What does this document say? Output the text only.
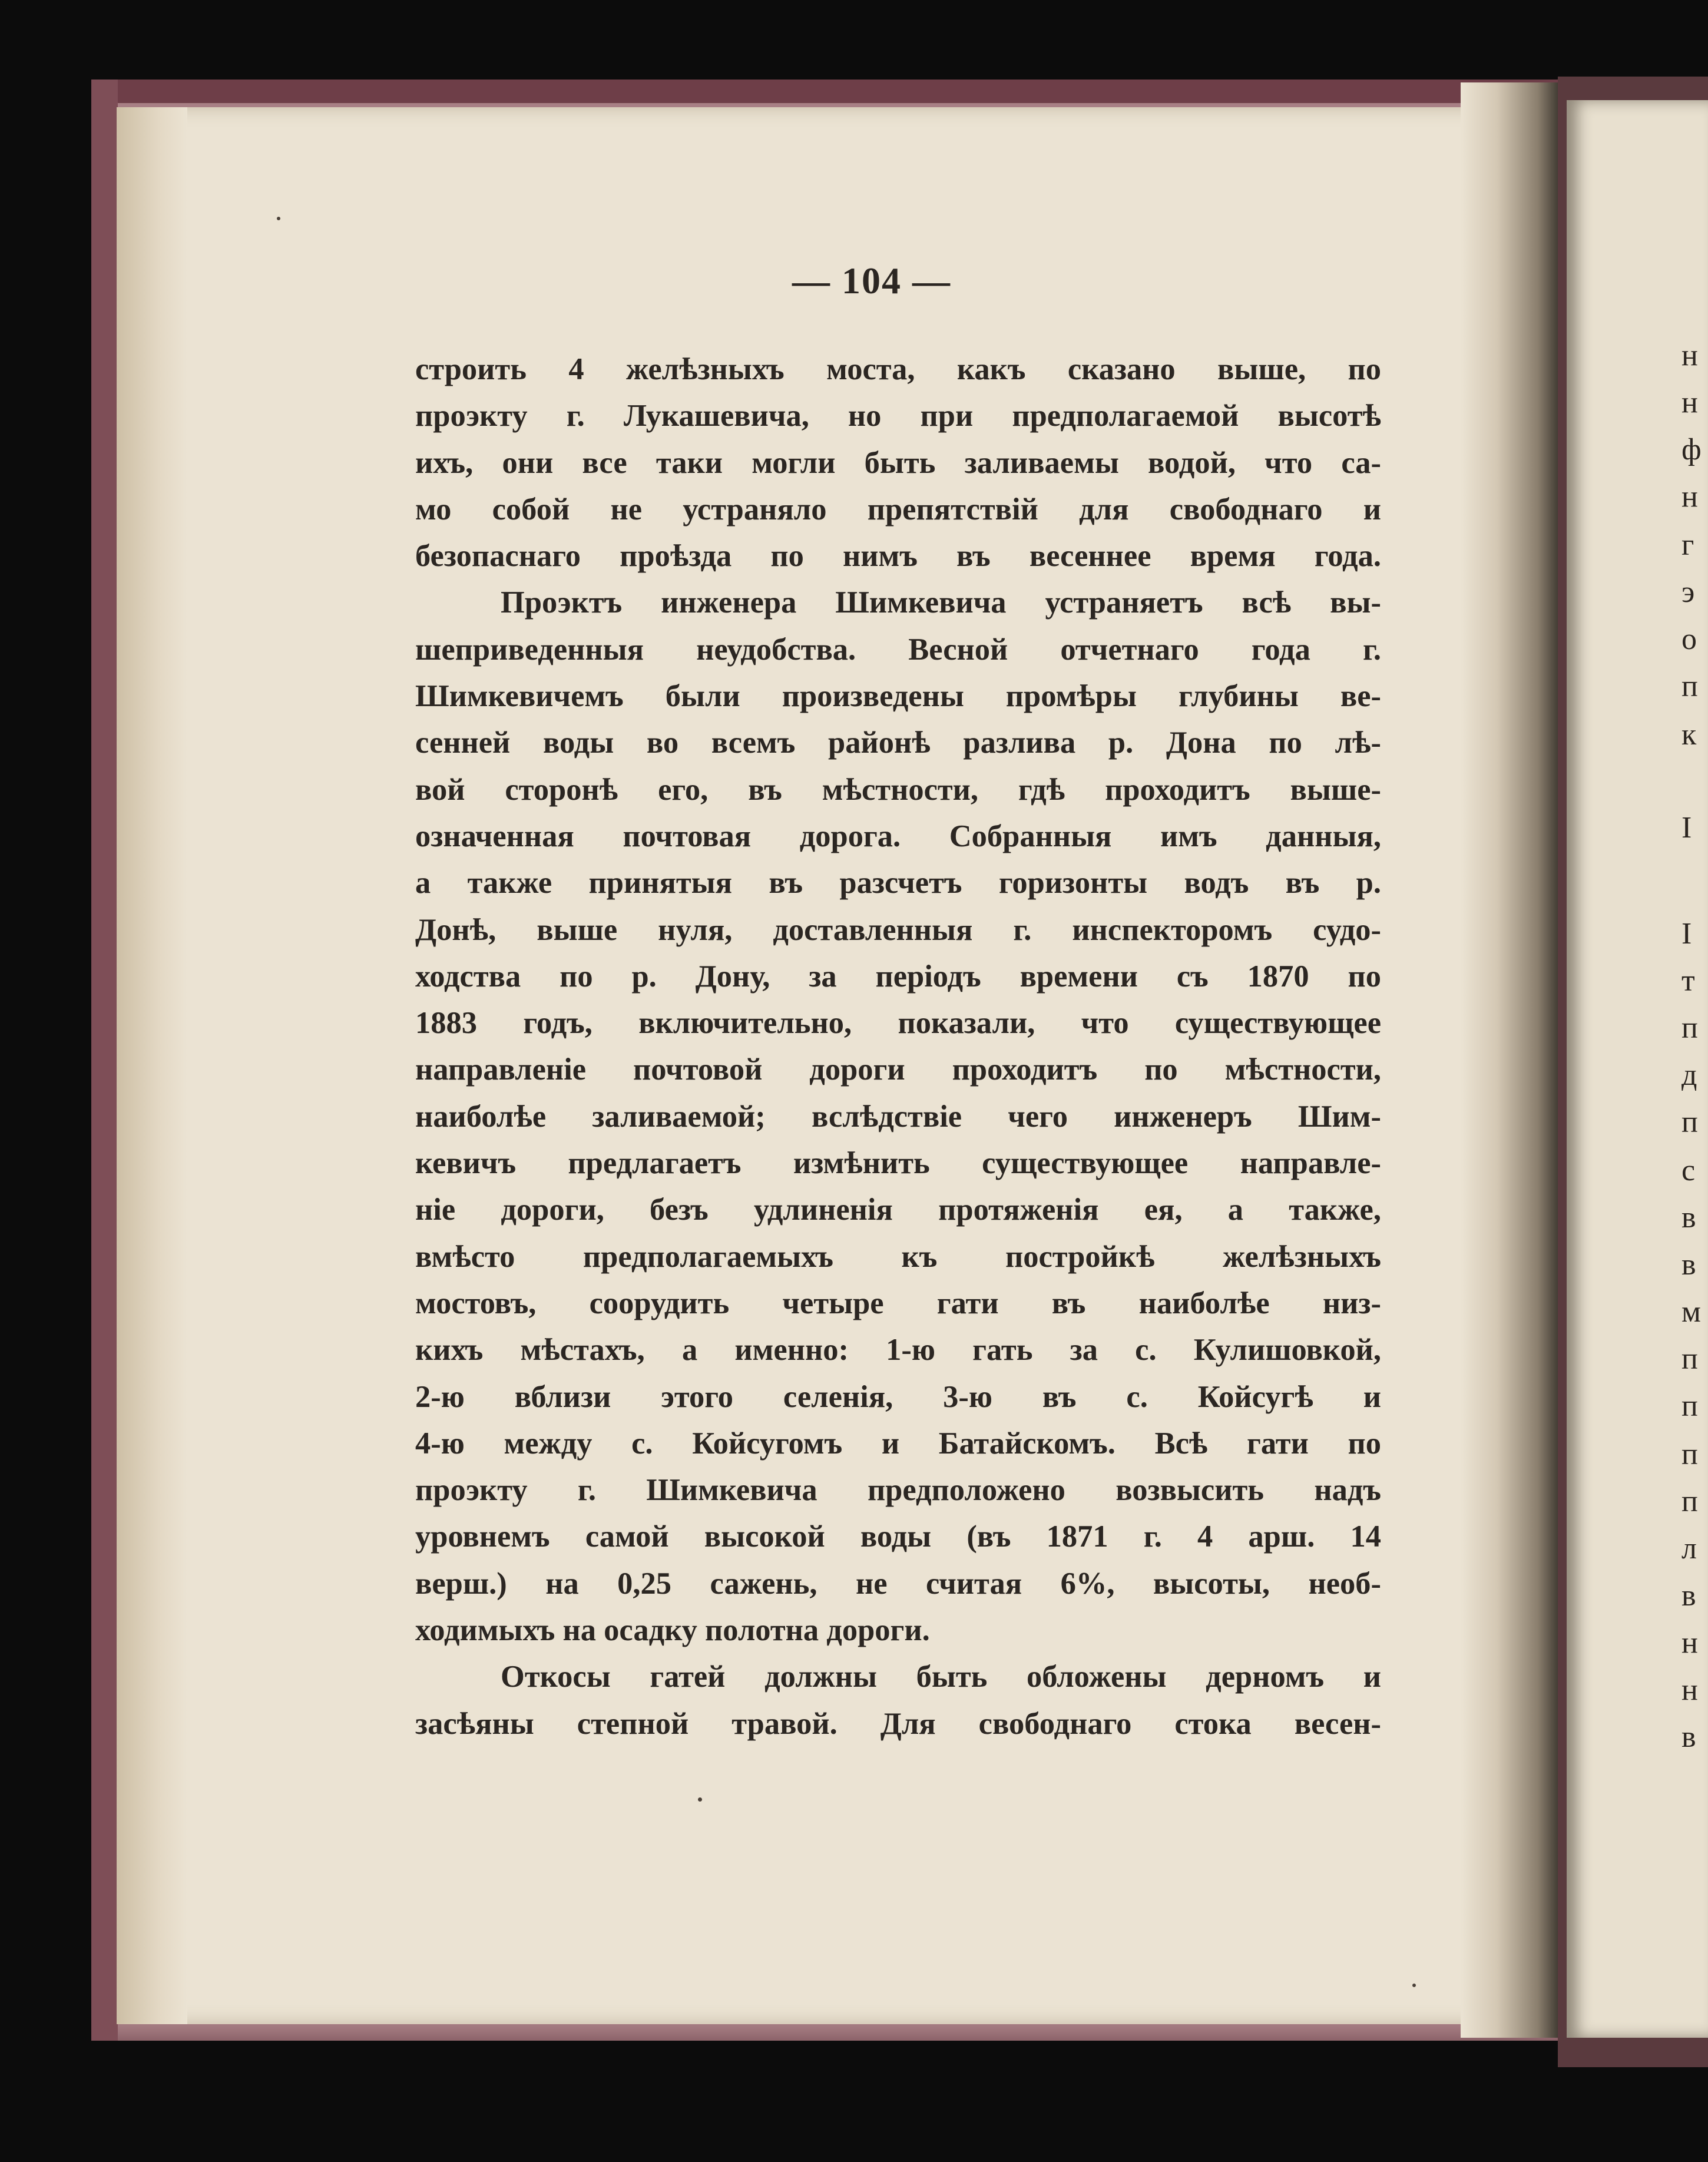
н

н

ф

н

г

э

о

п

к

I

I

т

п

д

п

с

в

в

м

п

п

п

п

л

в

н

н

в

— 104 —

строить 4 желѣзныхъ моста, какъ сказано выше, по
проэкту г. Лукашевича, но при предполагаемой высотѣ
ихъ, они все таки могли быть заливаемы водой, что са-
мо собой не устраняло препятствій для свободнаго и
безопаснаго проѣзда по нимъ въ весеннее время года.

Проэктъ инженера Шимкевича устраняетъ всѣ вы-
шеприведенныя неудобства. Весной отчетнаго года г.
Шимкевичемъ были произведены промѣры глубины ве-
сенней воды во всемъ районѣ разлива р. Дона по лѣ-
вой сторонѣ его, въ мѣстности, гдѣ проходитъ выше-
означенная почтовая дорога. Собранныя имъ данныя,
а также принятыя въ разсчетъ горизонты водъ въ р.
Донѣ, выше нуля, доставленныя г. инспекторомъ судо-
ходства по р. Дону, за періодъ времени съ 1870 по
1883 годъ, включительно, показали, что существующее
направленіе почтовой дороги проходитъ по мѣстности,
наиболѣе заливаемой; вслѣдствіе чего инженеръ Шим-
кевичъ предлагаетъ измѣнить существующее направле-
ніе дороги, безъ удлиненія протяженія ея, а также,
вмѣсто предполагаемыхъ къ постройкѣ желѣзныхъ
мостовъ, соорудить четыре гати въ наиболѣе низ-
кихъ мѣстахъ, а именно: 1-ю гать за с. Кулишовкой,
2-ю вблизи этого селенія, 3-ю въ с. Койсугѣ и
4-ю между с. Койсугомъ и Батайскомъ. Всѣ гати по
проэкту г. Шимкевича предположено возвысить надъ
уровнемъ самой высокой воды (въ 1871 г. 4 арш. 14
верш.) на 0,25 сажень, не считая 6%, высоты, необ-
ходимыхъ на осадку полотна дороги.

Откосы гатей должны быть обложены дерномъ и
засѣяны степной травой. Для свободнаго стока весен-
